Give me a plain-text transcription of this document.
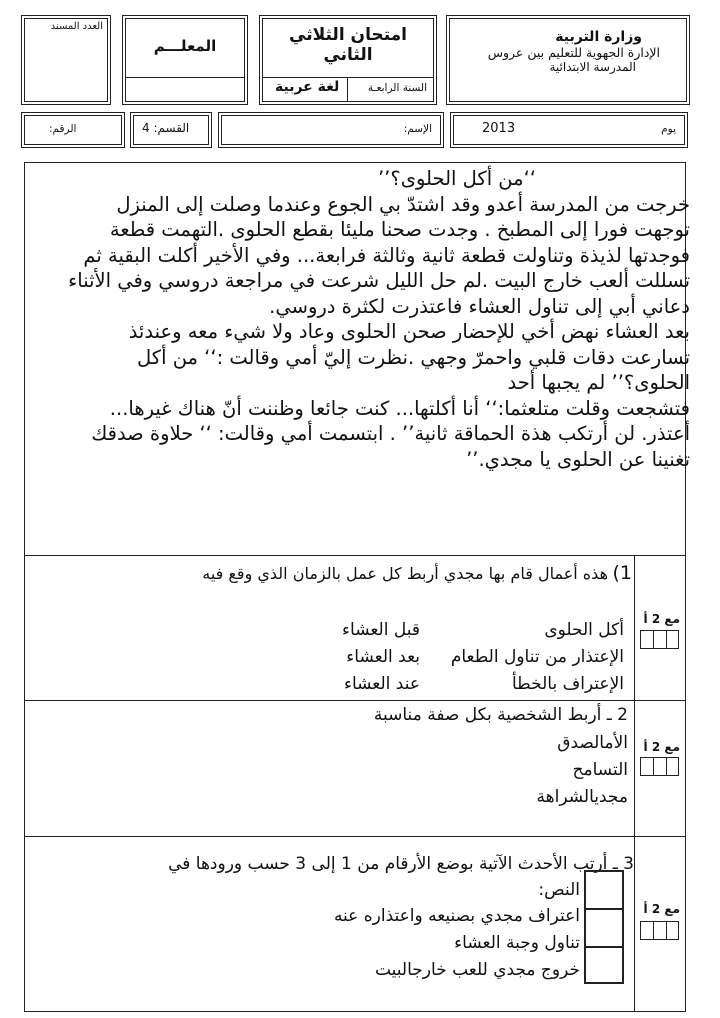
وزارة التربية
الإدارة الجهوية للتعليم بين عروس
المدرسة الابتدائية
امتحان الثلاثي
الثاني
السنة الرابعـة
لغة عربية
المعلـــم
العدد المسند
يوم
2013
الإسم:
القسم: 4
الرقم:

‘‘من أكل الحلوى؟’’

خرجت من المدرسة أعدو وقد اشتدّ بي الجوع وعندما وصلت إلى المنزل

توجهت فورا إلى المطبخ . وجدت صحنا مليئا بقطع الحلوى .التهمت قطعة

فوجدتها لذيذة وتناولت قطعة ثانية وثالثة فرابعة... وفي الأخير أكلت البقية ثم

تسللت ألعب خارج البيت .لم حل الليل شرعت في مراجعة دروسي وفي الأثناء

دعاني أبي إلى تناول العشاء فاعتذرت لكثرة دروسي.

بعد العشاء نهض أخي للإحضار صحن الحلوى وعاد ولا شيء معه وعندئذ

تسارعت دقات قلبي واحمرّ وجهي .نظرت إليّ أمي وقالت :‘‘ من أكل

الحلوى؟’’ لم يجبها أحد

فتشجعت وقلت متلعثما:‘‘ أنا أكلتها... كنت جائعا وظننت أنّ هناك غيرها...

أعتذر. لن أرتكب هذة الحماقة ثانية’’ . ابتسمت أمي وقالت: ‘‘ حلاوة صدقك

تغنينا عن الحلوى يا مجدي.’’

1)
هذه أعمال قام بها مجدي أربط كل عمل بالزمان الذي وقع فيه
أكل الحلوى
الإعتذار من تناول الطعام
الإعتراف بالخطأ
قبل العشاء
بعد العشاء
عند العشاء
مع 2 أ
2 ـ أربط الشخصية بكل صفة مناسبة
الأمالصدق
التسامح
مجديالشراهة
مع 2 أ
3 ـ أرتب الأحدث الآتية بوضع الأرقام من 1 إلى 3 حسب ورودها في
النص:
اعتراف مجدي بصنيعه واعتذاره عنه
تناول وجبة العشاء
خروج مجدي للعب خارجالبيت
مع 2 أ
